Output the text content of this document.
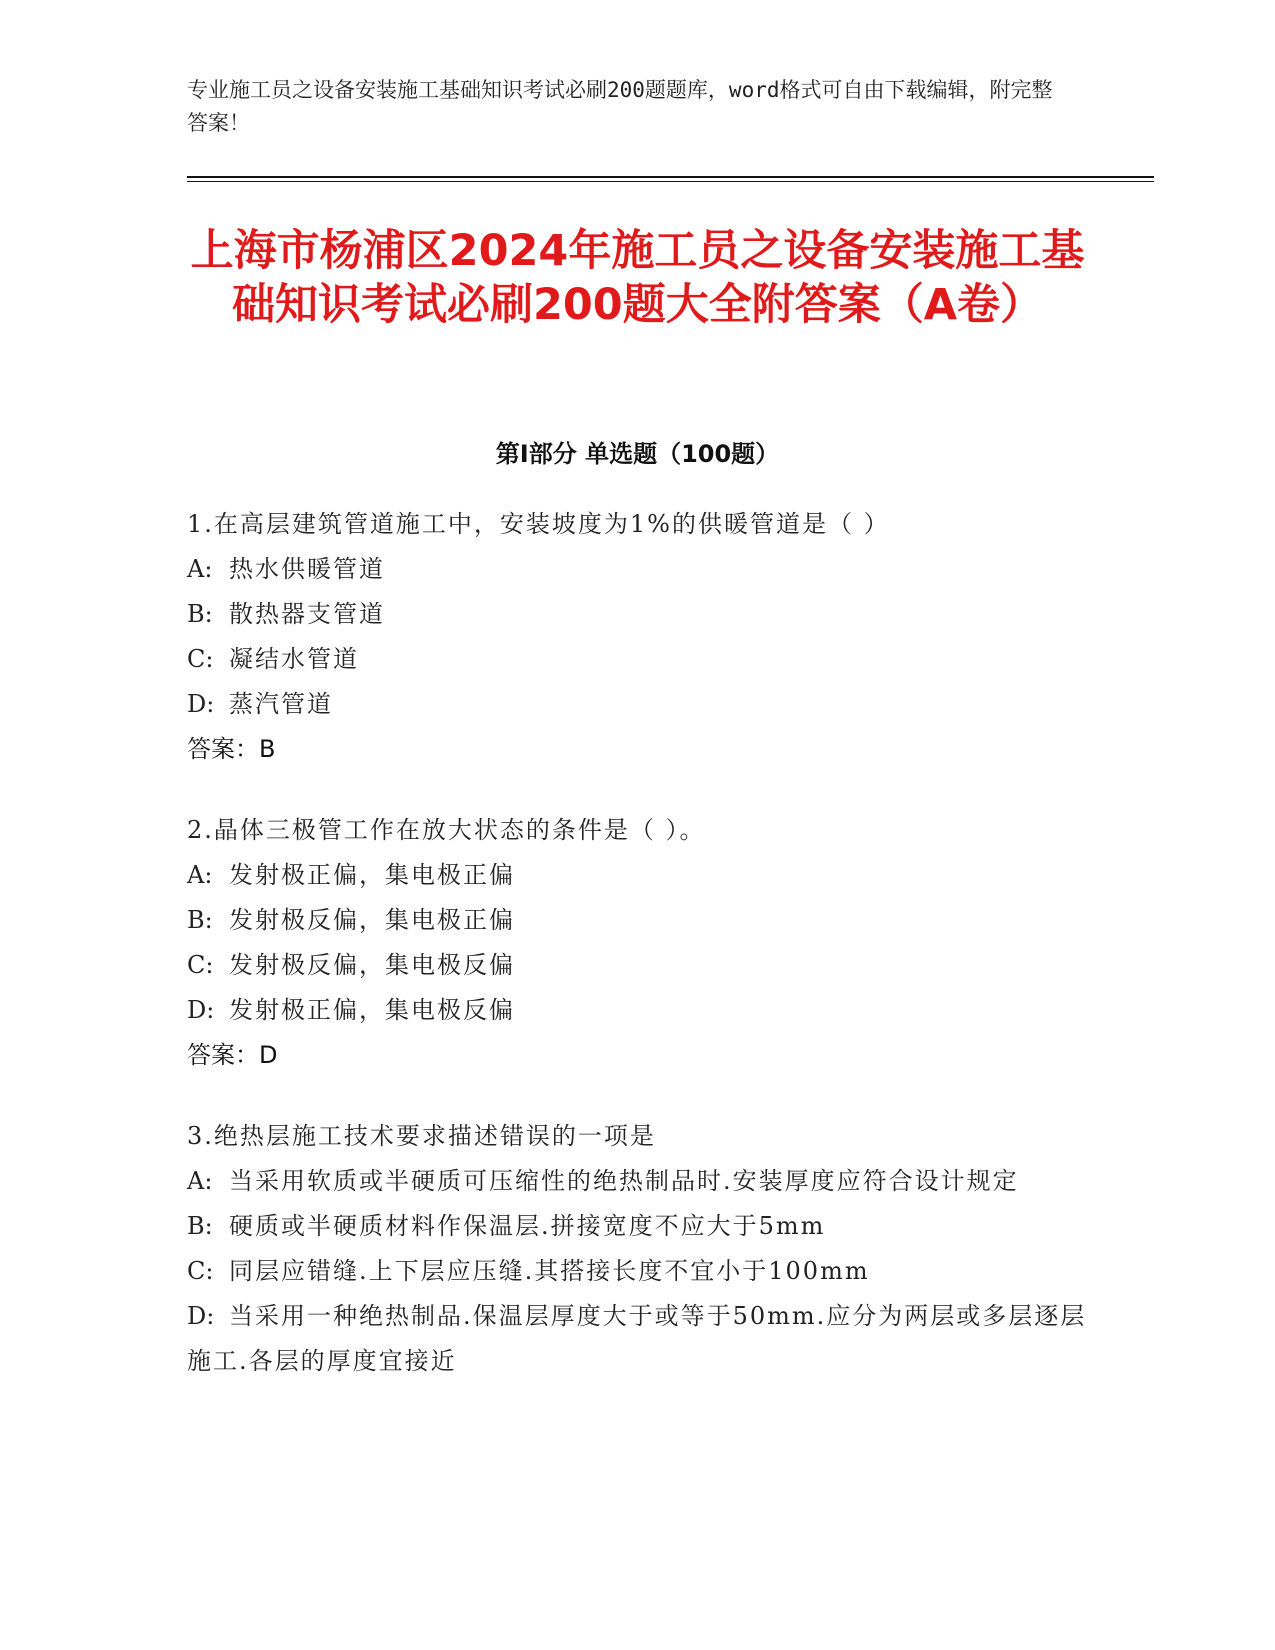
专业施工员之设备安装施工基础知识考试必刷200题题库，word格式可自由下载编辑，附完整答案！
上海市杨浦区2024年施工员之设备安装施工基础知识考试必刷200题大全附答案（A卷）
第I部分 单选题（100题）
1.在高层建筑管道施工中，安装坡度为1%的供暖管道是（ ）
A: 热水供暖管道
B: 散热器支管道
C: 凝结水管道
D: 蒸汽管道
答案：B
2.晶体三极管工作在放大状态的条件是（ ）。
A: 发射极正偏，集电极正偏
B: 发射极反偏，集电极正偏
C: 发射极反偏，集电极反偏
D: 发射极正偏，集电极反偏
答案：D
3.绝热层施工技术要求描述错误的一项是
A: 当采用软质或半硬质可压缩性的绝热制品时.安装厚度应符合设计规定
B: 硬质或半硬质材料作保温层.拼接宽度不应大于5mm
C: 同层应错缝.上下层应压缝.其搭接长度不宜小于100mm
D: 当采用一种绝热制品.保温层厚度大于或等于50mm.应分为两层或多层逐层施工.各层的厚度宜接近
